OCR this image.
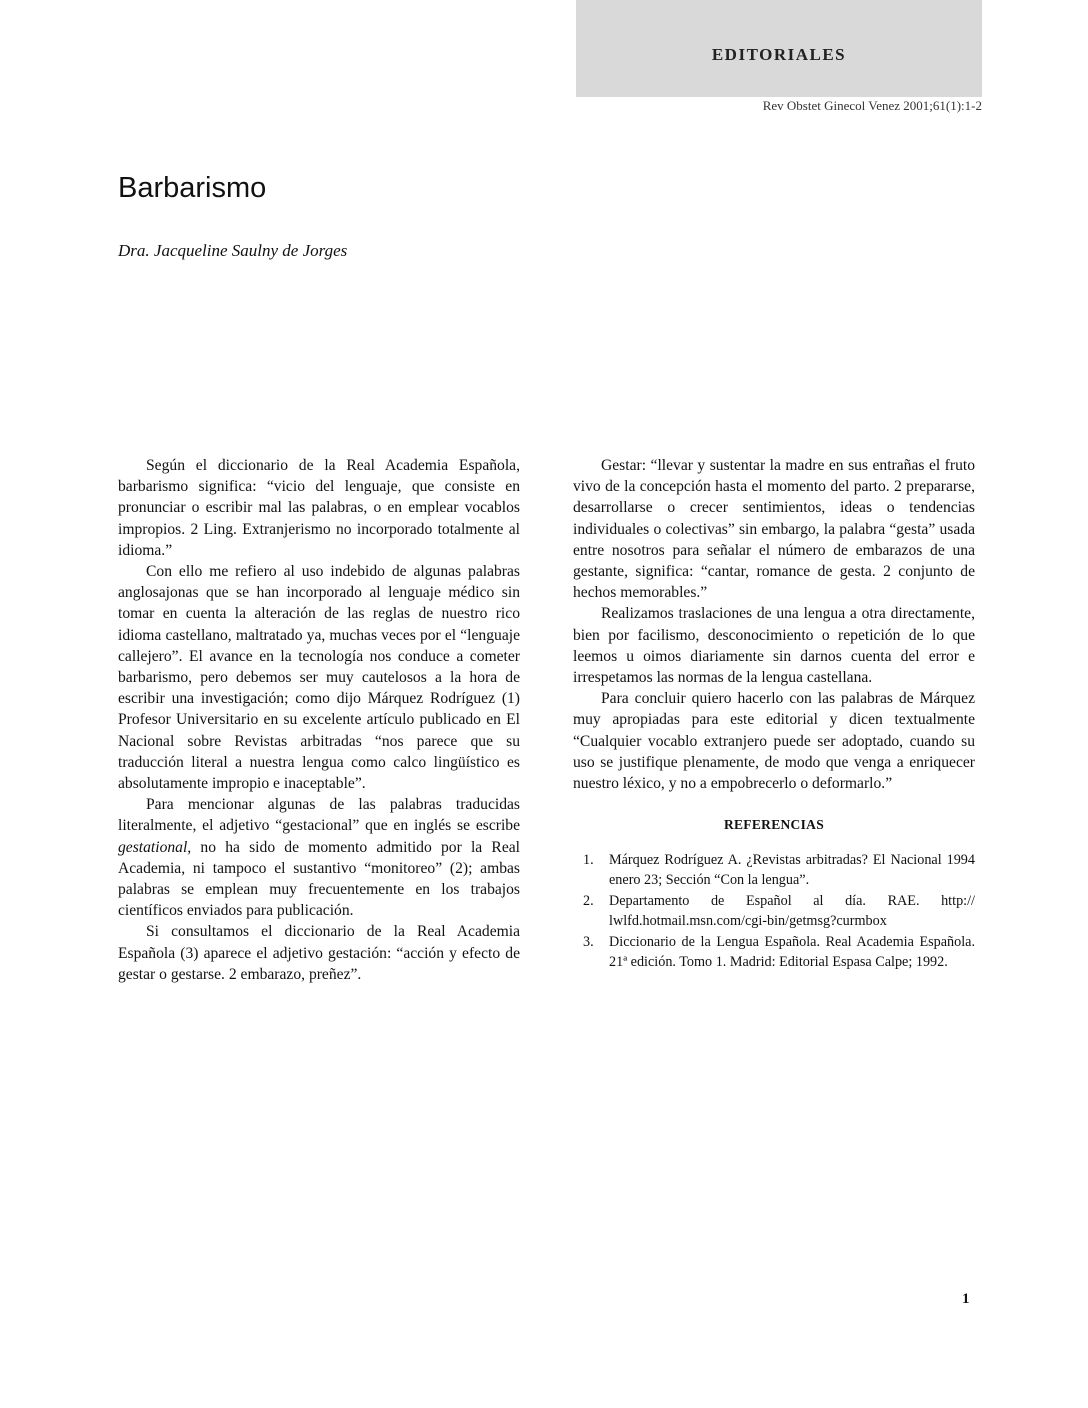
EDITORIALES
Rev Obstet Ginecol Venez 2001;61(1):1-2
Barbarismo
Dra. Jacqueline Saulny de Jorges

Según el diccionario de la Real Academia Española, barbarismo significa: “vicio del lenguaje, que consiste en pronunciar o escribir mal las palabras, o en emplear vocablos impropios. 2 Ling. Extranjerismo no incorporado totalmente al idioma.”

Con ello me refiero al uso indebido de algunas palabras anglosajonas que se han incorporado al lenguaje médico sin tomar en cuenta la alteración de las reglas de nuestro rico idioma castellano, maltratado ya, muchas veces por el “lenguaje callejero”. El avance en la tecnología nos conduce a cometer barbarismo, pero debemos ser muy cautelosos a la hora de escribir una investigación; como dijo Márquez Rodríguez (1) Profesor Universitario en su excelente artículo publicado en El Nacional sobre Revistas arbitradas “nos parece que su traducción literal a nuestra lengua como calco lingüístico es absolutamente impropio e inaceptable”.

Para mencionar algunas de las palabras traducidas literalmente, el adjetivo “gestacional” que en inglés se escribe gestational, no ha sido de momento admitido por la Real Academia, ni tampoco el sustantivo “monitoreo” (2); ambas palabras se emplean muy frecuentemente en los trabajos científicos enviados para publicación.

Si consultamos el diccionario de la Real Academia Española (3) aparece el adjetivo gestación: “acción y efecto de gestar o gestarse. 2 embarazo, preñez”.

Gestar: “llevar y sustentar la madre en sus entrañas el fruto vivo de la concepción hasta el momento del parto. 2 prepararse, desarrollarse o crecer sentimientos, ideas o tendencias individuales o colectivas” sin embargo, la palabra “gesta” usada entre nosotros para señalar el número de embarazos de una gestante, significa: “cantar, romance de gesta. 2 conjunto de hechos memorables.”

Realizamos traslaciones de una lengua a otra directamente, bien por facilismo, desconocimiento o repetición de lo que leemos u oimos diariamente sin darnos cuenta del error e irrespetamos las normas de la lengua castellana.

Para concluir quiero hacerlo con las palabras de Márquez muy apropiadas para este editorial y dicen textualmente “Cualquier vocablo extranjero puede ser adoptado, cuando su uso se justifique plenamente, de modo que venga a enriquecer nuestro léxico, y no a empobrecerlo o deformarlo.”

REFERENCIAS
1. Márquez Rodríguez A. ¿Revistas arbitradas? El Nacional 1994 enero 23; Sección “Con la lengua”.
2. Departamento de Español al día. RAE. http:// lwlfd.hotmail.msn.com/cgi-bin/getmsg?curmbox
3. Diccionario de la Lengua Española. Real Academia Española. 21ª edición. Tomo 1. Madrid: Editorial Espasa Calpe; 1992.
1
